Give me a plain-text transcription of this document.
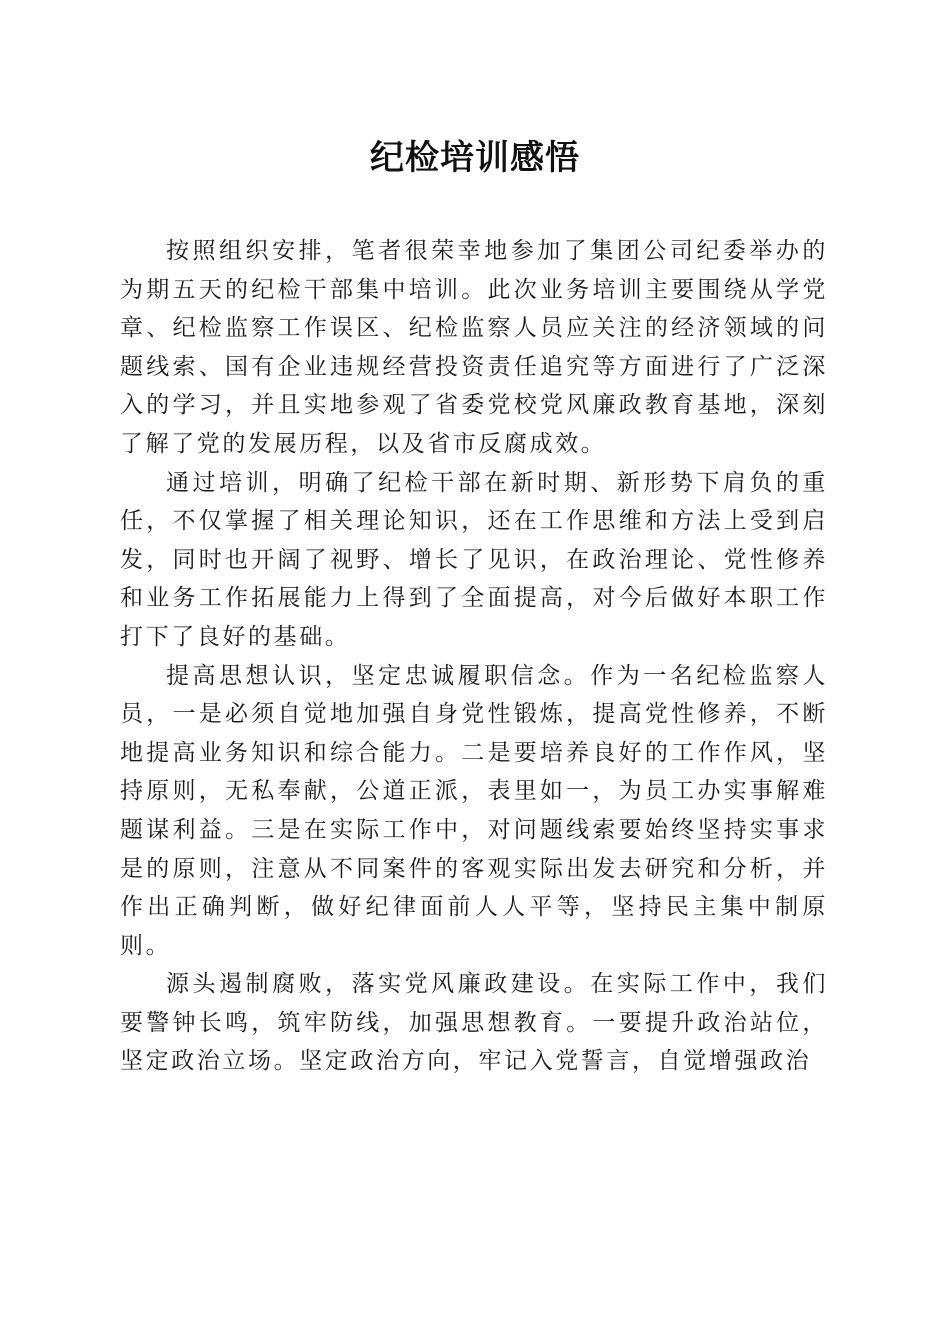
纪检培训感悟

按照组织安排，笔者很荣幸地参加了集团公司纪委举办的为期五天的纪检干部集中培训。此次业务培训主要围绕从学党章、纪检监察工作误区、纪检监察人员应关注的经济领域的问题线索、国有企业违规经营投资责任追究等方面进行了广泛深入的学习，并且实地参观了省委党校党风廉政教育基地，深刻了解了党的发展历程，以及省市反腐成效。

通过培训，明确了纪检干部在新时期、新形势下肩负的重任，不仅掌握了相关理论知识，还在工作思维和方法上受到启发，同时也开阔了视野、增长了见识，在政治理论、党性修养和业务工作拓展能力上得到了全面提高，对今后做好本职工作打下了良好的基础。

提高思想认识，坚定忠诚履职信念。作为一名纪检监察人员，一是必须自觉地加强自身党性锻炼，提高党性修养，不断地提高业务知识和综合能力。二是要培养良好的工作作风，坚持原则，无私奉献，公道正派，表里如一，为员工办实事解难题谋利益。三是在实际工作中，对问题线索要始终坚持实事求是的原则，注意从不同案件的客观实际出发去研究和分析，并作出正确判断，做好纪律面前人人平等，坚持民主集中制原则。

源头遏制腐败，落实党风廉政建设。在实际工作中，我们要警钟长鸣，筑牢防线，加强思想教育。一要提升政治站位，坚定政治立场。坚定政治方向，牢记入党誓言，自觉增强政治
